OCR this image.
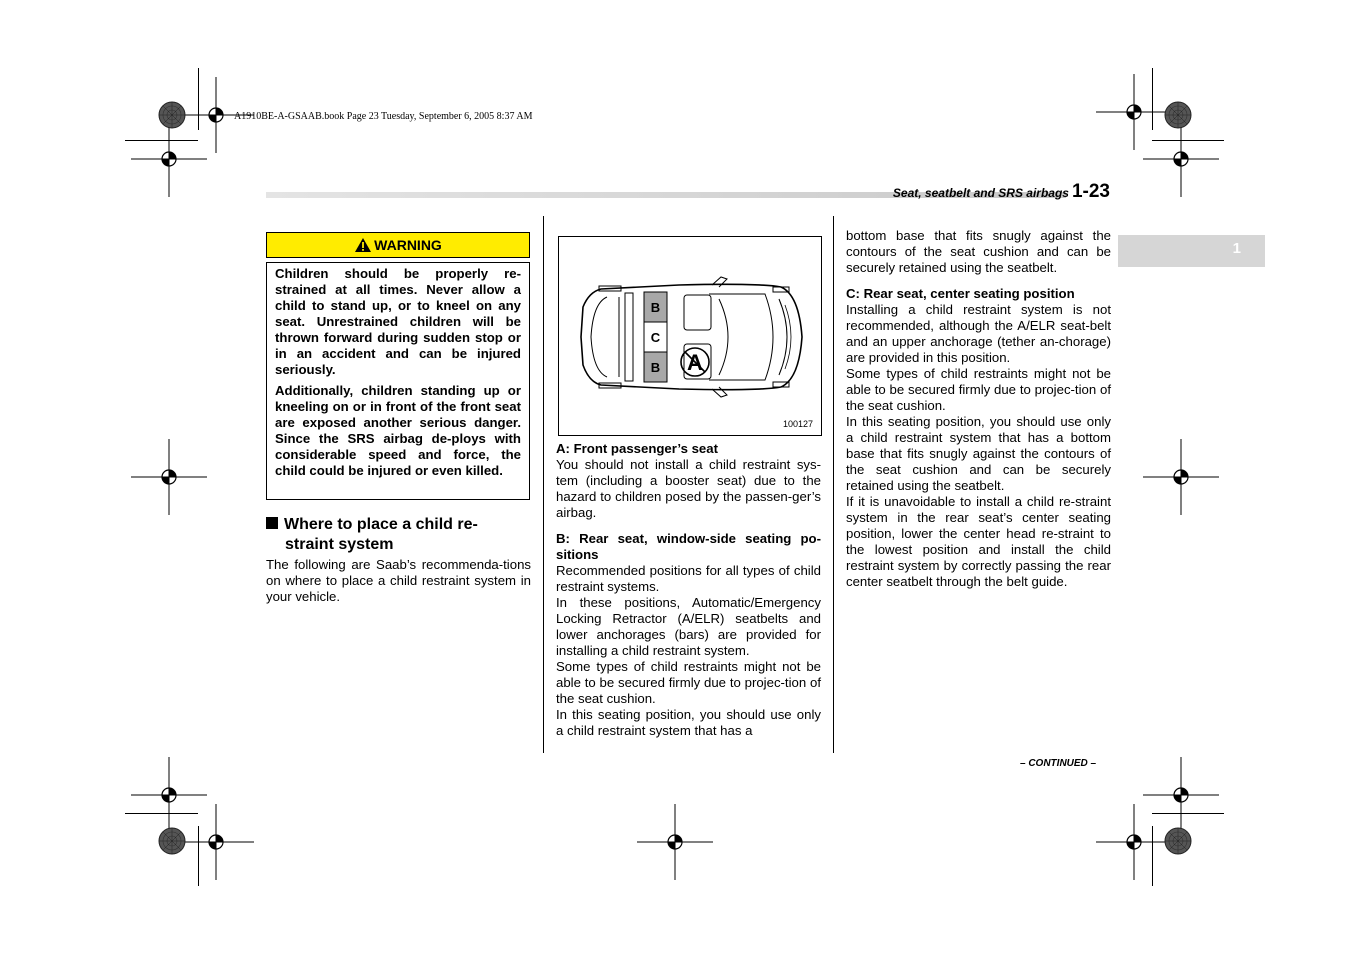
A1910BE-A-GSAAB.book Page 23 Tuesday, September 6, 2005 8:37 AM
Seat, seatbelt and SRS airbags 1-23
1
WARNING

Children should be properly re-strained at all times. Never allow a child to stand up, or to kneel on any seat. Unrestrained children will be thrown forward during sudden stop or in an accident and can be injured seriously.

Additionally, children standing up or kneeling on or in front of the front seat are exposed another serious danger. Since the SRS airbag de-ploys with considerable speed and force, the child could be injured or even killed.

Where to place a child re-
straint system
The following are Saab’s recommenda-tions on where to place a child restraint system in your vehicle.
B
C
B A
100127

A: Front passenger’s seat

You should not install a child restraint sys-tem (including a booster seat) due to the hazard to children posed by the passen-ger’s airbag.

B: Rear seat, window-side seating po-sitions

Recommended positions for all types of child restraint systems.

In these positions, Automatic/Emergency Locking Retractor (A/ELR) seatbelts and lower anchorages (bars) are provided for installing a child restraint system.

Some types of child restraints might not be able to be secured firmly due to projec-tion of the seat cushion.

In this seating position, you should use only a child restraint system that has a

bottom base that fits snugly against the contours of the seat cushion and can be securely retained using the seatbelt.

C: Rear seat, center seating position

Installing a child restraint system is not recommended, although the A/ELR seat-belt and an upper anchorage (tether an-chorage) are provided in this position.

Some types of child restraints might not be able to be secured firmly due to projec-tion of the seat cushion.

In this seating position, you should use only a child restraint system that has a bottom base that fits snugly against the contours of the seat cushion and can be securely retained using the seatbelt.

If it is unavoidable to install a child re-straint system in the rear seat’s center seating position, lower the center head re-straint to the lowest position and install the child restraint system by correctly passing the rear center seatbelt through the belt guide.

– CONTINUED –
